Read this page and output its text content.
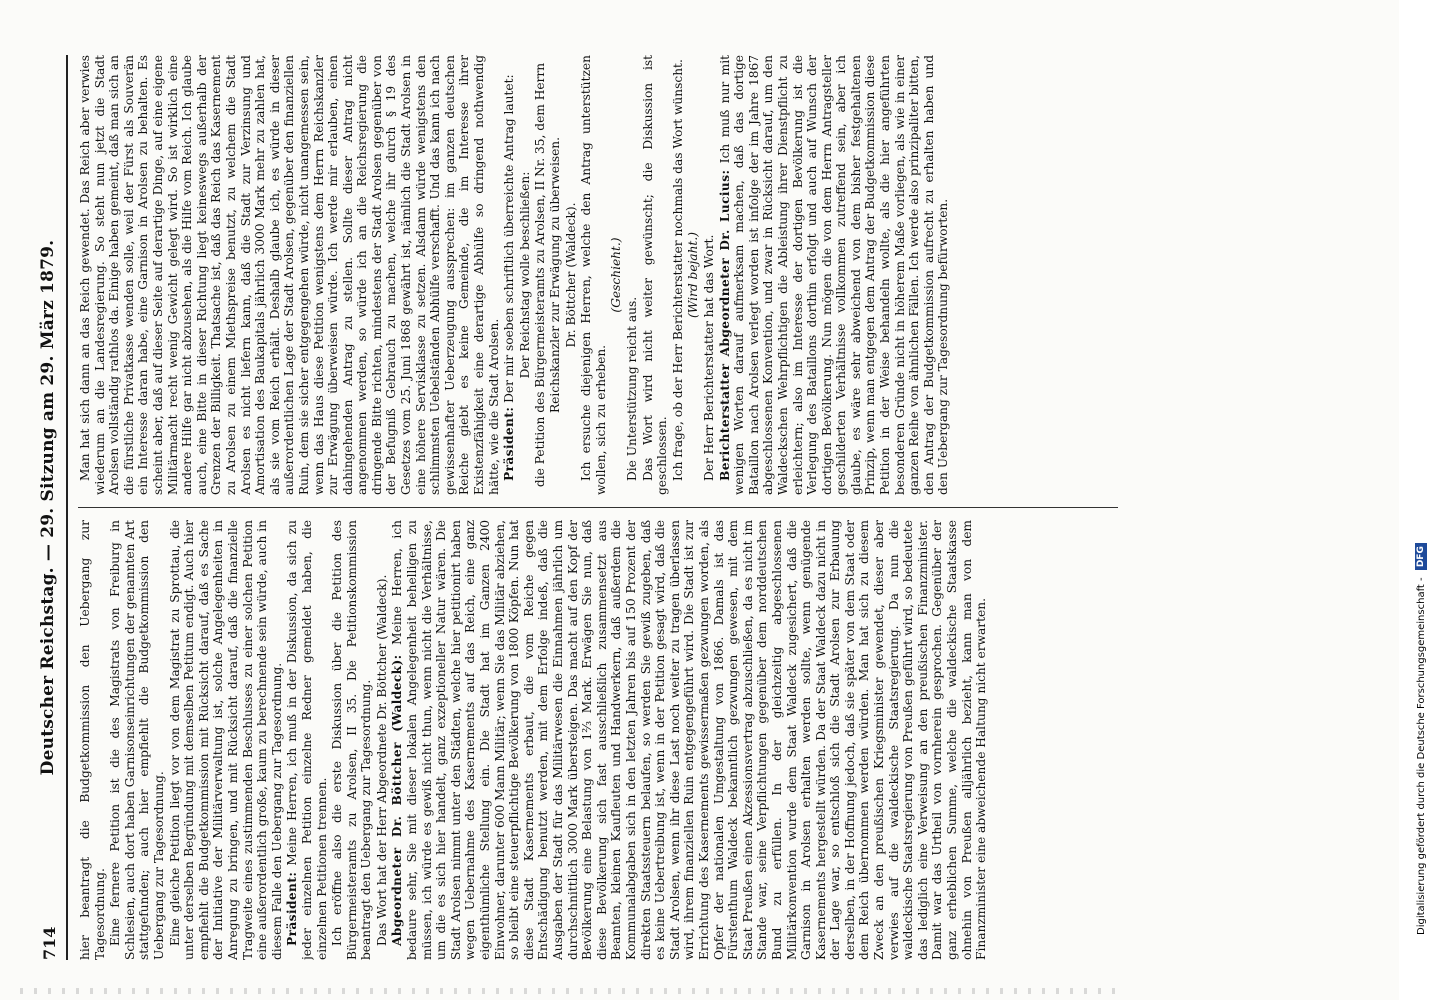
714
Deutscher Reichstag. — 29. Sitzung am 29. März 1879. hier beantragt die Budgetkommission den Uebergang zur Tagesordnung. Eine fernere Petition ist die des Magistrats von Freiburg in Schlesien, auch dort haben Garnisonseinrichtungen der genannten Art stattgefunden; auch hier empfiehlt die Budgetkommission den Uebergang zur Tagesordnung. Eine gleiche Petition liegt vor von dem Magistrat zu Sprottau, die unter derselben Begründung mit demselben Petitum endigt. Auch hier empfiehlt die Budgetkommission mit Rücksicht darauf, daß es Sache der Initiative der Militärverwaltung ist, solche Angelegenheiten in Anregung zu bringen, und mit Rücksicht darauf, daß die finanzielle Tragweite eines zustimmenden Beschlusses zu einer solchen Petition eine außerordentlich große, kaum zu berechnende sein würde, auch in diesem Falle den Uebergang zur Tagesordnung. Präsident: Meine Herren, ich muß in der Diskussion, da sich zu jeder einzelnen Petition einzelne Redner gemeldet haben, die einzelnen Petitionen trennen. Ich eröffne also die erste Diskussion über die Petition des Bürgermeisteramts zu Arolsen, II 35. Die Petitionskommission beantragt den Uebergang zur Tagesordnung. Das Wort hat der Herr Abgeordnete Dr. Böttcher (Waldeck). Abgeordneter Dr. Böttcher (Waldeck): Meine Herren, ich bedaure sehr, Sie mit dieser lokalen Angelegenheit behelligen zu müssen, ich würde es gewiß nicht thun, wenn nicht die Verhältnisse, um die es sich hier handelt, ganz exzeptioneller Natur wären. Die Stadt Arolsen nimmt unter den Städten, welche hier petitionirt haben wegen Uebernahme des Kasernements auf das Reich, eine ganz eigenthümliche Stellung ein. Die Stadt hat im Ganzen 2400 Einwohner, darunter 600 Mann Militär; wenn Sie das Militär abziehen, so bleibt eine steuerpflichtige Bevölkerung von 1800 Köpfen. Nun hat diese Stadt Kasernements erbaut, die vom Reiche gegen Entschädigung benutzt werden, mit dem Erfolge indeß, daß die Ausgaben der Stadt für das Militärwesen die Einnahmen jährlich um durchschnittlich 3000 Mark übersteigen. Das macht auf den Kopf der Bevölkerung eine Belastung von 1⅔ Mark. Erwägen Sie nun, daß diese Bevölkerung sich fast ausschließlich zusammensetzt aus Beamten, kleinen Kaufleuten und Handwerkern, daß außerdem die Kommunalabgaben sich in den letzten Jahren bis auf 150 Prozent der direkten Staatssteuern belaufen, so werden Sie gewiß zugeben, daß es keine Uebertreibung ist, wenn in der Petition gesagt wird, daß die Stadt Arolsen, wenn ihr diese Last noch weiter zu tragen überlassen wird, ihrem finanziellen Ruin entgegengeführt wird. Die Stadt ist zur Errichtung des Kasernements gewissermaßen gezwungen worden, als Opfer der nationalen Umgestaltung von 1866. Damals ist das Fürstenthum Waldeck bekanntlich gezwungen gewesen, mit dem Staat Preußen einen Akzessionsvertrag abzuschließen, da es nicht im Stande war, seine Verpflichtungen gegenüber dem norddeutschen Bund zu erfüllen. In der gleichzeitig abgeschlossenen Militärkonvention wurde dem Staat Waldeck zugesichert, daß die Garnison in Arolsen erhalten werden sollte, wenn genügende Kasernements hergestellt würden. Da der Staat Waldeck dazu nicht in der Lage war, so entschloß sich die Stadt Arolsen zur Erbauung derselben, in der Hoffnung jedoch, daß sie später von dem Staat oder dem Reich übernommen werden würden. Man hat sich zu diesem Zweck an den preußischen Kriegsminister gewendet, dieser aber verwies auf die waldeckische Staatsregierung. Da nun die waldeckische Staatsregierung von Preußen geführt wird, so bedeutete das lediglich eine Verweisung an den preußischen Finanzminister. Damit war das Urtheil von vornherein gesprochen. Gegenüber der ganz erheblichen Summe, welche die waldeckische Staatskasse ohnehin von Preußen alljährlich bezieht, kann man von dem Finanzminister eine abweichende Haltung nicht erwarten.

Man hat sich dann an das Reich gewendet. Das Reich aber verwies wiederum an die Landesregierung. So steht nun jetzt die Stadt Arolsen vollständig rathlos da. Einige haben gemeint, daß man sich an die fürstliche Privatkasse wenden solle, weil der Fürst als Souverän ein Interesse daran habe, eine Garnison in Arolsen zu behalten. Es scheint aber, daß auf dieser Seite auf derartige Dinge, auf eine eigene Militärmacht recht wenig Gewicht gelegt wird. So ist wirklich eine andere Hilfe gar nicht abzusehen, als die Hilfe vom Reich. Ich glaube auch, eine Bitte in dieser Richtung liegt keineswegs außerhalb der Grenzen der Billigkeit. Thatsache ist, daß das Reich das Kasernement zu Arolsen zu einem Miethspreise benutzt, zu welchem die Stadt Arolsen es nicht liefern kann, daß die Stadt zur Verzinsung und Amortisation des Baukapitals jährlich 3000 Mark mehr zu zahlen hat, als sie vom Reich erhält. Deshalb glaube ich, es würde in dieser außerordentlichen Lage der Stadt Arolsen, gegenüber den finanziellen Ruin, dem sie sicher entgegengehen würde, nicht unangemessen sein, wenn das Haus diese Petition wenigstens dem Herrn Reichskanzler zur Erwägung überweisen würde. Ich werde mir erlauben, einen dahingehenden Antrag zu stellen. Sollte dieser Antrag nicht angenommen werden, so würde ich an die Reichsregierung die dringende Bitte richten, mindestens der Stadt Arolsen gegenüber von der Befugniß Gebrauch zu machen, welche ihr durch § 19 des Gesetzes vom 25. Juni 1868 gewährt ist, nämlich die Stadt Arolsen in eine höhere Servisklasse zu setzen. Alsdann würde wenigstens den schlimmsten Uebelständen Abhülfe verschafft. Und das kann ich nach gewissenhafter Ueberzeugung aussprechen: im ganzen deutschen Reiche giebt es keine Gemeinde, die im Interesse ihrer Existenzfähigkeit eine derartige Abhülfe so dringend nothwendig hätte, wie die Stadt Arolsen. Präsident: Der mir soeben schriftlich überreichte Antrag lautet: Der Reichstag wolle beschließen: die Petition des Bürgermeisteramts zu Arolsen, II Nr. 35, dem Herrn Reichskanzler zur Erwägung zu überweisen. Dr. Böttcher (Waldeck). Ich ersuche diejenigen Herren, welche den Antrag unterstützen wollen, sich zu erheben.

(Geschieht.)

Die Unterstützung reicht aus. Das Wort wird nicht weiter gewünscht; die Diskussion ist geschlossen. Ich frage, ob der Herr Berichterstatter nochmals das Wort wünscht. (Wird bejaht.) Der Herr Berichterstatter hat das Wort. Berichterstatter Abgeordneter Dr. Lucius: Ich muß nur mit wenigen Worten darauf aufmerksam machen, daß das dortige Bataillon nach Arolsen verlegt worden ist infolge der im Jahre 1867 abgeschlossenen Konvention, und zwar in Rücksicht darauf, um den Waldeckschen Wehrpflichtigen die Ableistung ihrer Dienstpflicht zu erleichtern; also im Interesse der dortigen Bevölkerung ist die Verlegung des Bataillons dorthin erfolgt und auch auf Wunsch der dortigen Bevölkerung. Nun mögen die von dem Herrn Antragsteller geschilderten Verhältnisse vollkommen zutreffend sein, aber ich glaube, es wäre sehr abweichend von dem bisher festgehaltenen Prinzip, wenn man entgegen dem Antrag der Budgetkommission diese Petition in der Weise behandeln wollte, als die hier angeführten besonderen Gründe nicht in höherem Maße vorliegen, als wie in einer ganzen Reihe von ähnlichen Fällen. Ich werde also prinzipaliter bitten, den Antrag der Budgetkommission aufrecht zu erhalten haben und den Uebergang zur Tagesordnung befürworten.

Digitalisierung gefördert durch die Deutsche Forschungsgemeinschaft - DFG
